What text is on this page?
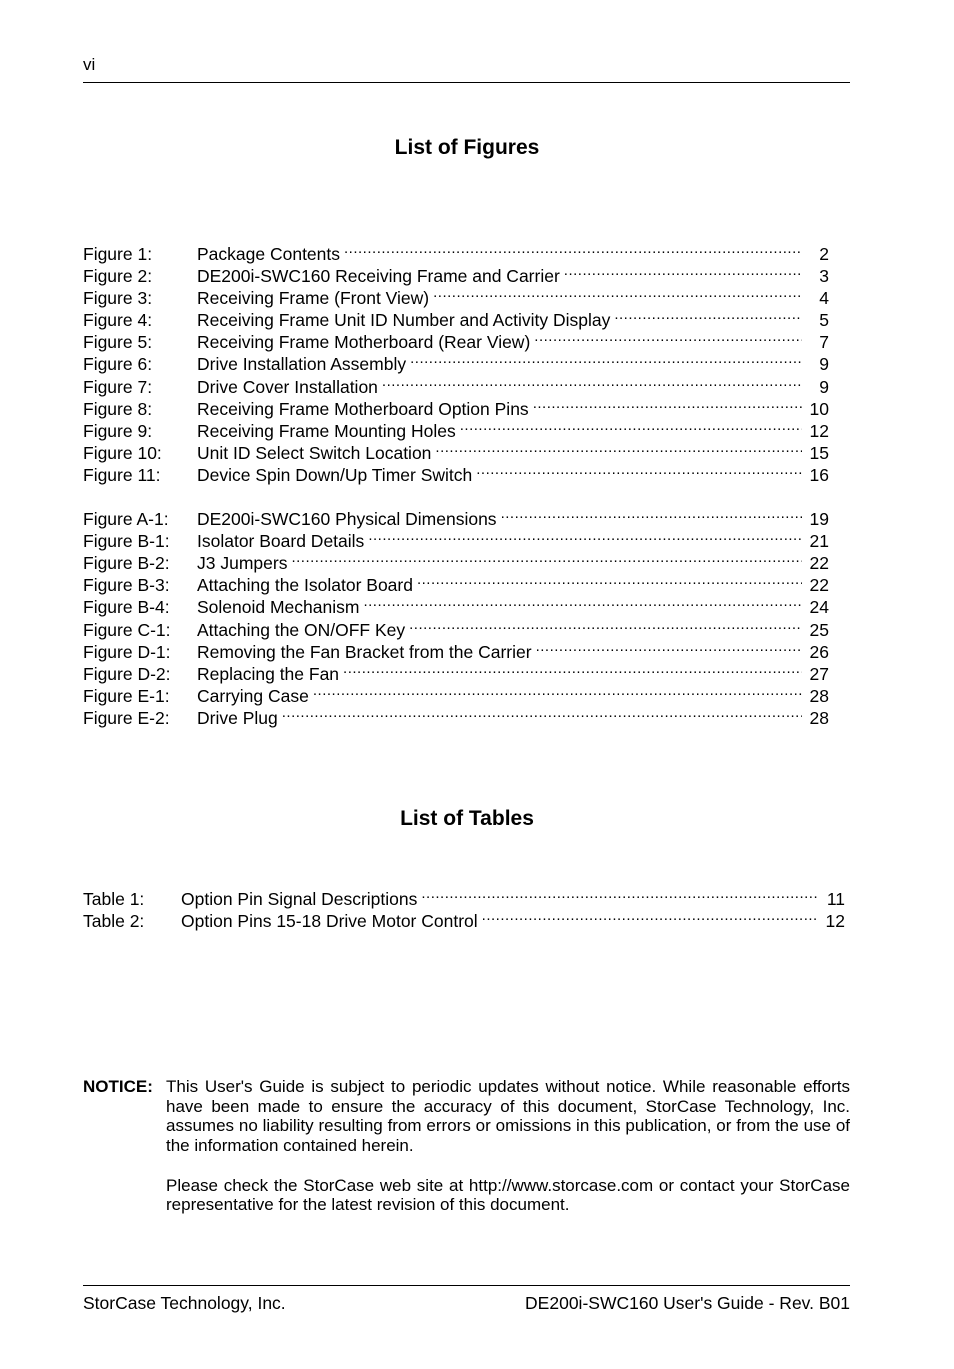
vi
List of Figures
Figure 1:	Package Contents .....	2
Figure 2:	DE200i-SWC160 Receiving Frame and Carrier .....	3
Figure 3:	Receiving Frame (Front View) .....	4
Figure 4:	Receiving Frame Unit ID Number and Activity Display .....	5
Figure 5:	Receiving Frame Motherboard (Rear View) .....	7
Figure 6:	Drive Installation Assembly .....	9
Figure 7:	Drive Cover Installation .....	9
Figure 8:	Receiving Frame Motherboard Option Pins .....	10
Figure 9:	Receiving Frame Mounting Holes .....	12
Figure 10:	Unit ID Select Switch Location .....	15
Figure 11:	Device Spin Down/Up Timer Switch .....	16
Figure A-1:	DE200i-SWC160 Physical Dimensions .....	19
Figure B-1:	Isolator Board Details .....	21
Figure B-2:	J3 Jumpers .....	22
Figure B-3:	Attaching the Isolator Board .....	22
Figure B-4:	Solenoid Mechanism .....	24
Figure C-1:	Attaching the ON/OFF Key .....	25
Figure D-1:	Removing the Fan Bracket from the Carrier .....	26
Figure D-2:	Replacing the Fan .....	27
Figure E-1:	Carrying Case .....	28
Figure E-2:	Drive Plug .....	28
List of Tables
Table 1:	Option Pin Signal Descriptions .....	11
Table 2:	Option Pins 15-18 Drive Motor Control .....	12
NOTICE: This User's Guide is subject to periodic updates without notice. While reasonable efforts have been made to ensure the accuracy of this document, StorCase Technology, Inc. assumes no liability resulting from errors or omissions in this publication, or from the use of the information contained herein.

Please check the StorCase web site at http://www.storcase.com or contact your StorCase representative for the latest revision of this document.

StorCase Technology, Inc.	DE200i-SWC160 User's Guide - Rev. B01
